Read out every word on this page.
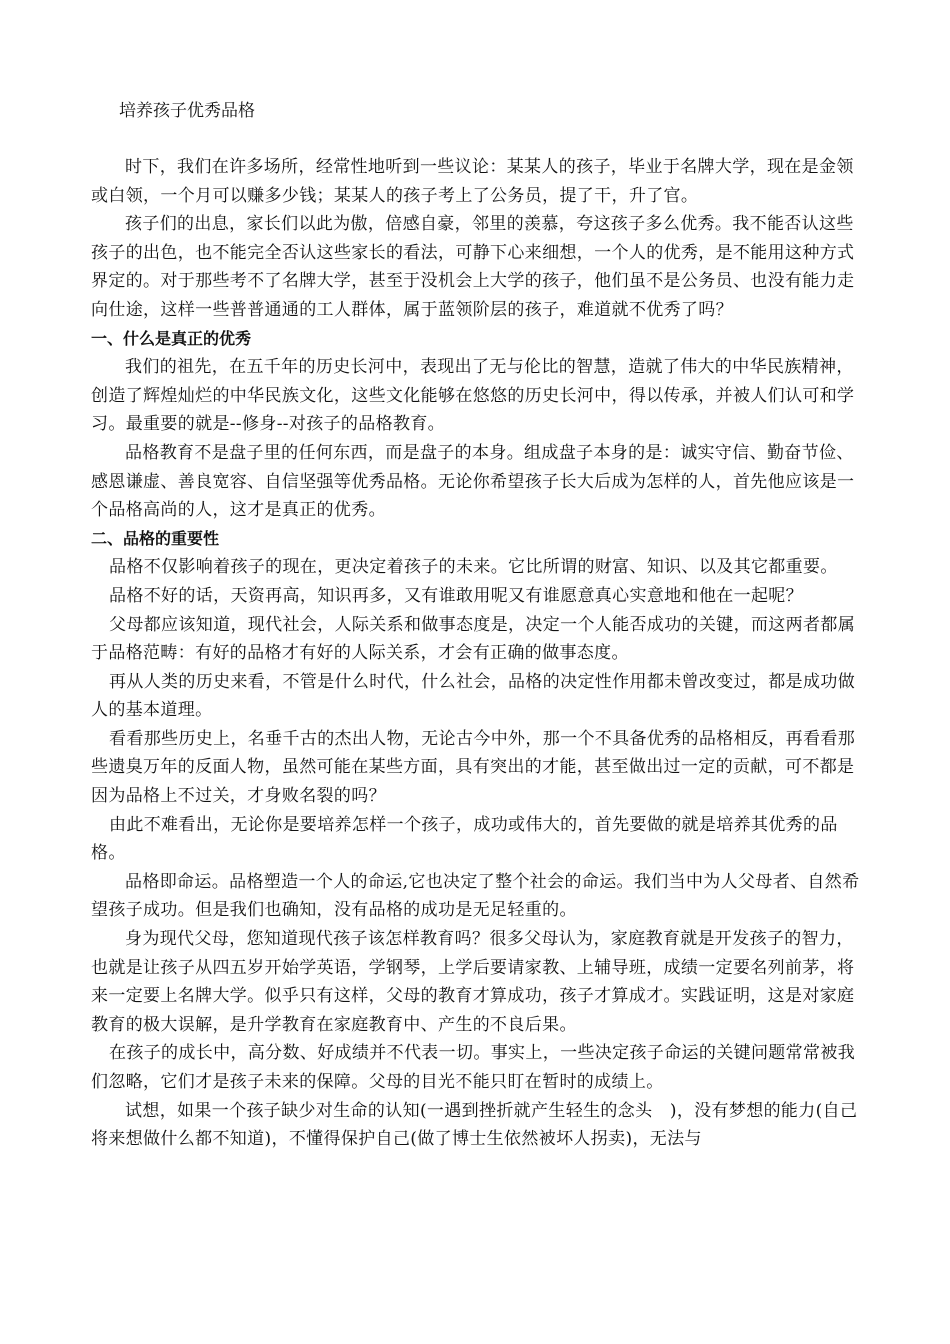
培养孩子优秀品格

时下，我们在许多场所，经常性地听到一些议论：某某人的孩子，毕业于名牌大学，现在是金领或白领，一个月可以赚多少钱；某某人的孩子考上了公务员，提了干，升了官。

孩子们的出息，家长们以此为傲，倍感自豪，邻里的羡慕，夸这孩子多么优秀。我不能否认这些孩子的出色，也不能完全否认这些家长的看法，可静下心来细想，一个人的优秀，是不能用这种方式界定的。对于那些考不了名牌大学，甚至于没机会上大学的孩子，他们虽不是公务员、也没有能力走向仕途，这样一些普普通通的工人群体，属于蓝领阶层的孩子，难道就不优秀了吗？

一、什么是真正的优秀

我们的祖先，在五千年的历史长河中，表现出了无与伦比的智慧，造就了伟大的中华民族精神，创造了辉煌灿烂的中华民族文化，这些文化能够在悠悠的历史长河中，得以传承，并被人们认可和学习。最重要的就是--修身--对孩子的品格教育。

品格教育不是盘子里的任何东西，而是盘子的本身。组成盘子本身的是：诚实守信、勤奋节俭、感恩谦虚、善良宽容、自信坚强等优秀品格。无论你希望孩子长大后成为怎样的人，首先他应该是一个品格高尚的人，这才是真正的优秀。

二、品格的重要性

品格不仅影响着孩子的现在，更决定着孩子的未来。它比所谓的财富、知识、以及其它都重要。

品格不好的话，天资再高，知识再多，又有谁敢用呢又有谁愿意真心实意地和他在一起呢？

父母都应该知道，现代社会，人际关系和做事态度是，决定一个人能否成功的关键，而这两者都属于品格范畴：有好的品格才有好的人际关系，才会有正确的做事态度。

再从人类的历史来看，不管是什么时代，什么社会，品格的决定性作用都未曾改变过，都是成功做人的基本道理。

看看那些历史上，名垂千古的杰出人物，无论古今中外，那一个不具备优秀的品格相反，再看看那些遗臭万年的反面人物，虽然可能在某些方面，具有突出的才能，甚至做出过一定的贡献，可不都是因为品格上不过关，才身败名裂的吗？

由此不难看出，无论你是要培养怎样一个孩子，成功或伟大的，首先要做的就是培养其优秀的品格。

品格即命运。品格塑造一个人的命运,它也决定了整个社会的命运。我们当中为人父母者、自然希望孩子成功。但是我们也确知，没有品格的成功是无足轻重的。

身为现代父母，您知道现代孩子该怎样教育吗？很多父母认为，家庭教育就是开发孩子的智力，也就是让孩子从四五岁开始学英语，学钢琴，上学后要请家教、上辅导班，成绩一定要名列前茅，将来一定要上名牌大学。似乎只有这样，父母的教育才算成功，孩子才算成才。实践证明，这是对家庭教育的极大误解，是升学教育在家庭教育中、产生的不良后果。

在孩子的成长中，高分数、好成绩并不代表一切。事实上，一些决定孩子命运的关键问题常常被我们忽略，它们才是孩子未来的保障。父母的目光不能只盯在暂时的成绩上。

试想，如果一个孩子缺少对生命的认知(一遇到挫折就产生轻生的念头　)，没有梦想的能力(自己将来想做什么都不知道)，不懂得保护自己(做了博士生依然被坏人拐卖)，无法与
